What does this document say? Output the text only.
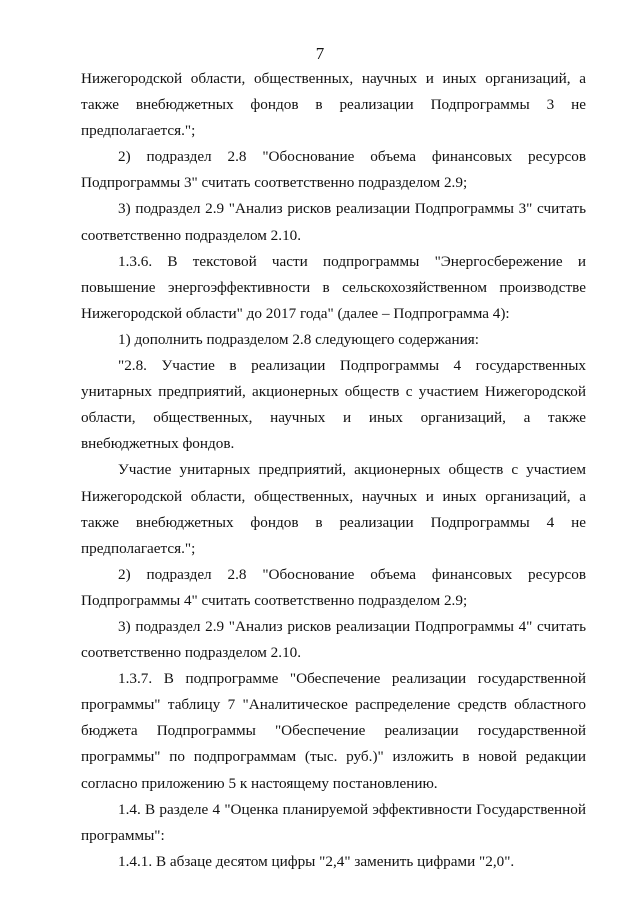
7

Нижегородской области, общественных, научных и иных организаций, а также внебюджетных фондов в реализации Подпрограммы 3 не предполагается.";

2) подраздел 2.8 "Обоснование объема финансовых ресурсов Подпрограммы 3" считать соответственно подразделом 2.9;

3) подраздел 2.9 "Анализ рисков реализации Подпрограммы 3" считать соответственно подразделом 2.10.

1.3.6. В текстовой части подпрограммы "Энергосбережение и повышение энергоэффективности в сельскохозяйственном производстве Нижегородской области" до 2017 года" (далее – Подпрограмма 4):

1) дополнить подразделом 2.8 следующего содержания:

"2.8. Участие в реализации Подпрограммы 4 государственных унитарных предприятий, акционерных обществ с участием Нижегородской области, общественных, научных и иных организаций, а также внебюджетных фондов.

Участие унитарных предприятий, акционерных обществ с участием Нижегородской области, общественных, научных и иных организаций, а также внебюджетных фондов в реализации Подпрограммы 4 не предполагается.";

2) подраздел 2.8 "Обоснование объема финансовых ресурсов Подпрограммы 4" считать соответственно подразделом 2.9;

3) подраздел 2.9 "Анализ рисков реализации Подпрограммы 4" считать соответственно подразделом 2.10.

1.3.7. В подпрограмме "Обеспечение реализации государственной программы" таблицу 7 "Аналитическое распределение средств областного бюджета Подпрограммы "Обеспечение реализации государственной программы" по подпрограммам (тыс. руб.)" изложить в новой редакции согласно приложению 5 к настоящему постановлению.

1.4. В разделе 4 "Оценка планируемой эффективности Государственной программы":

1.4.1. В абзаце десятом цифры "2,4" заменить цифрами "2,0".
